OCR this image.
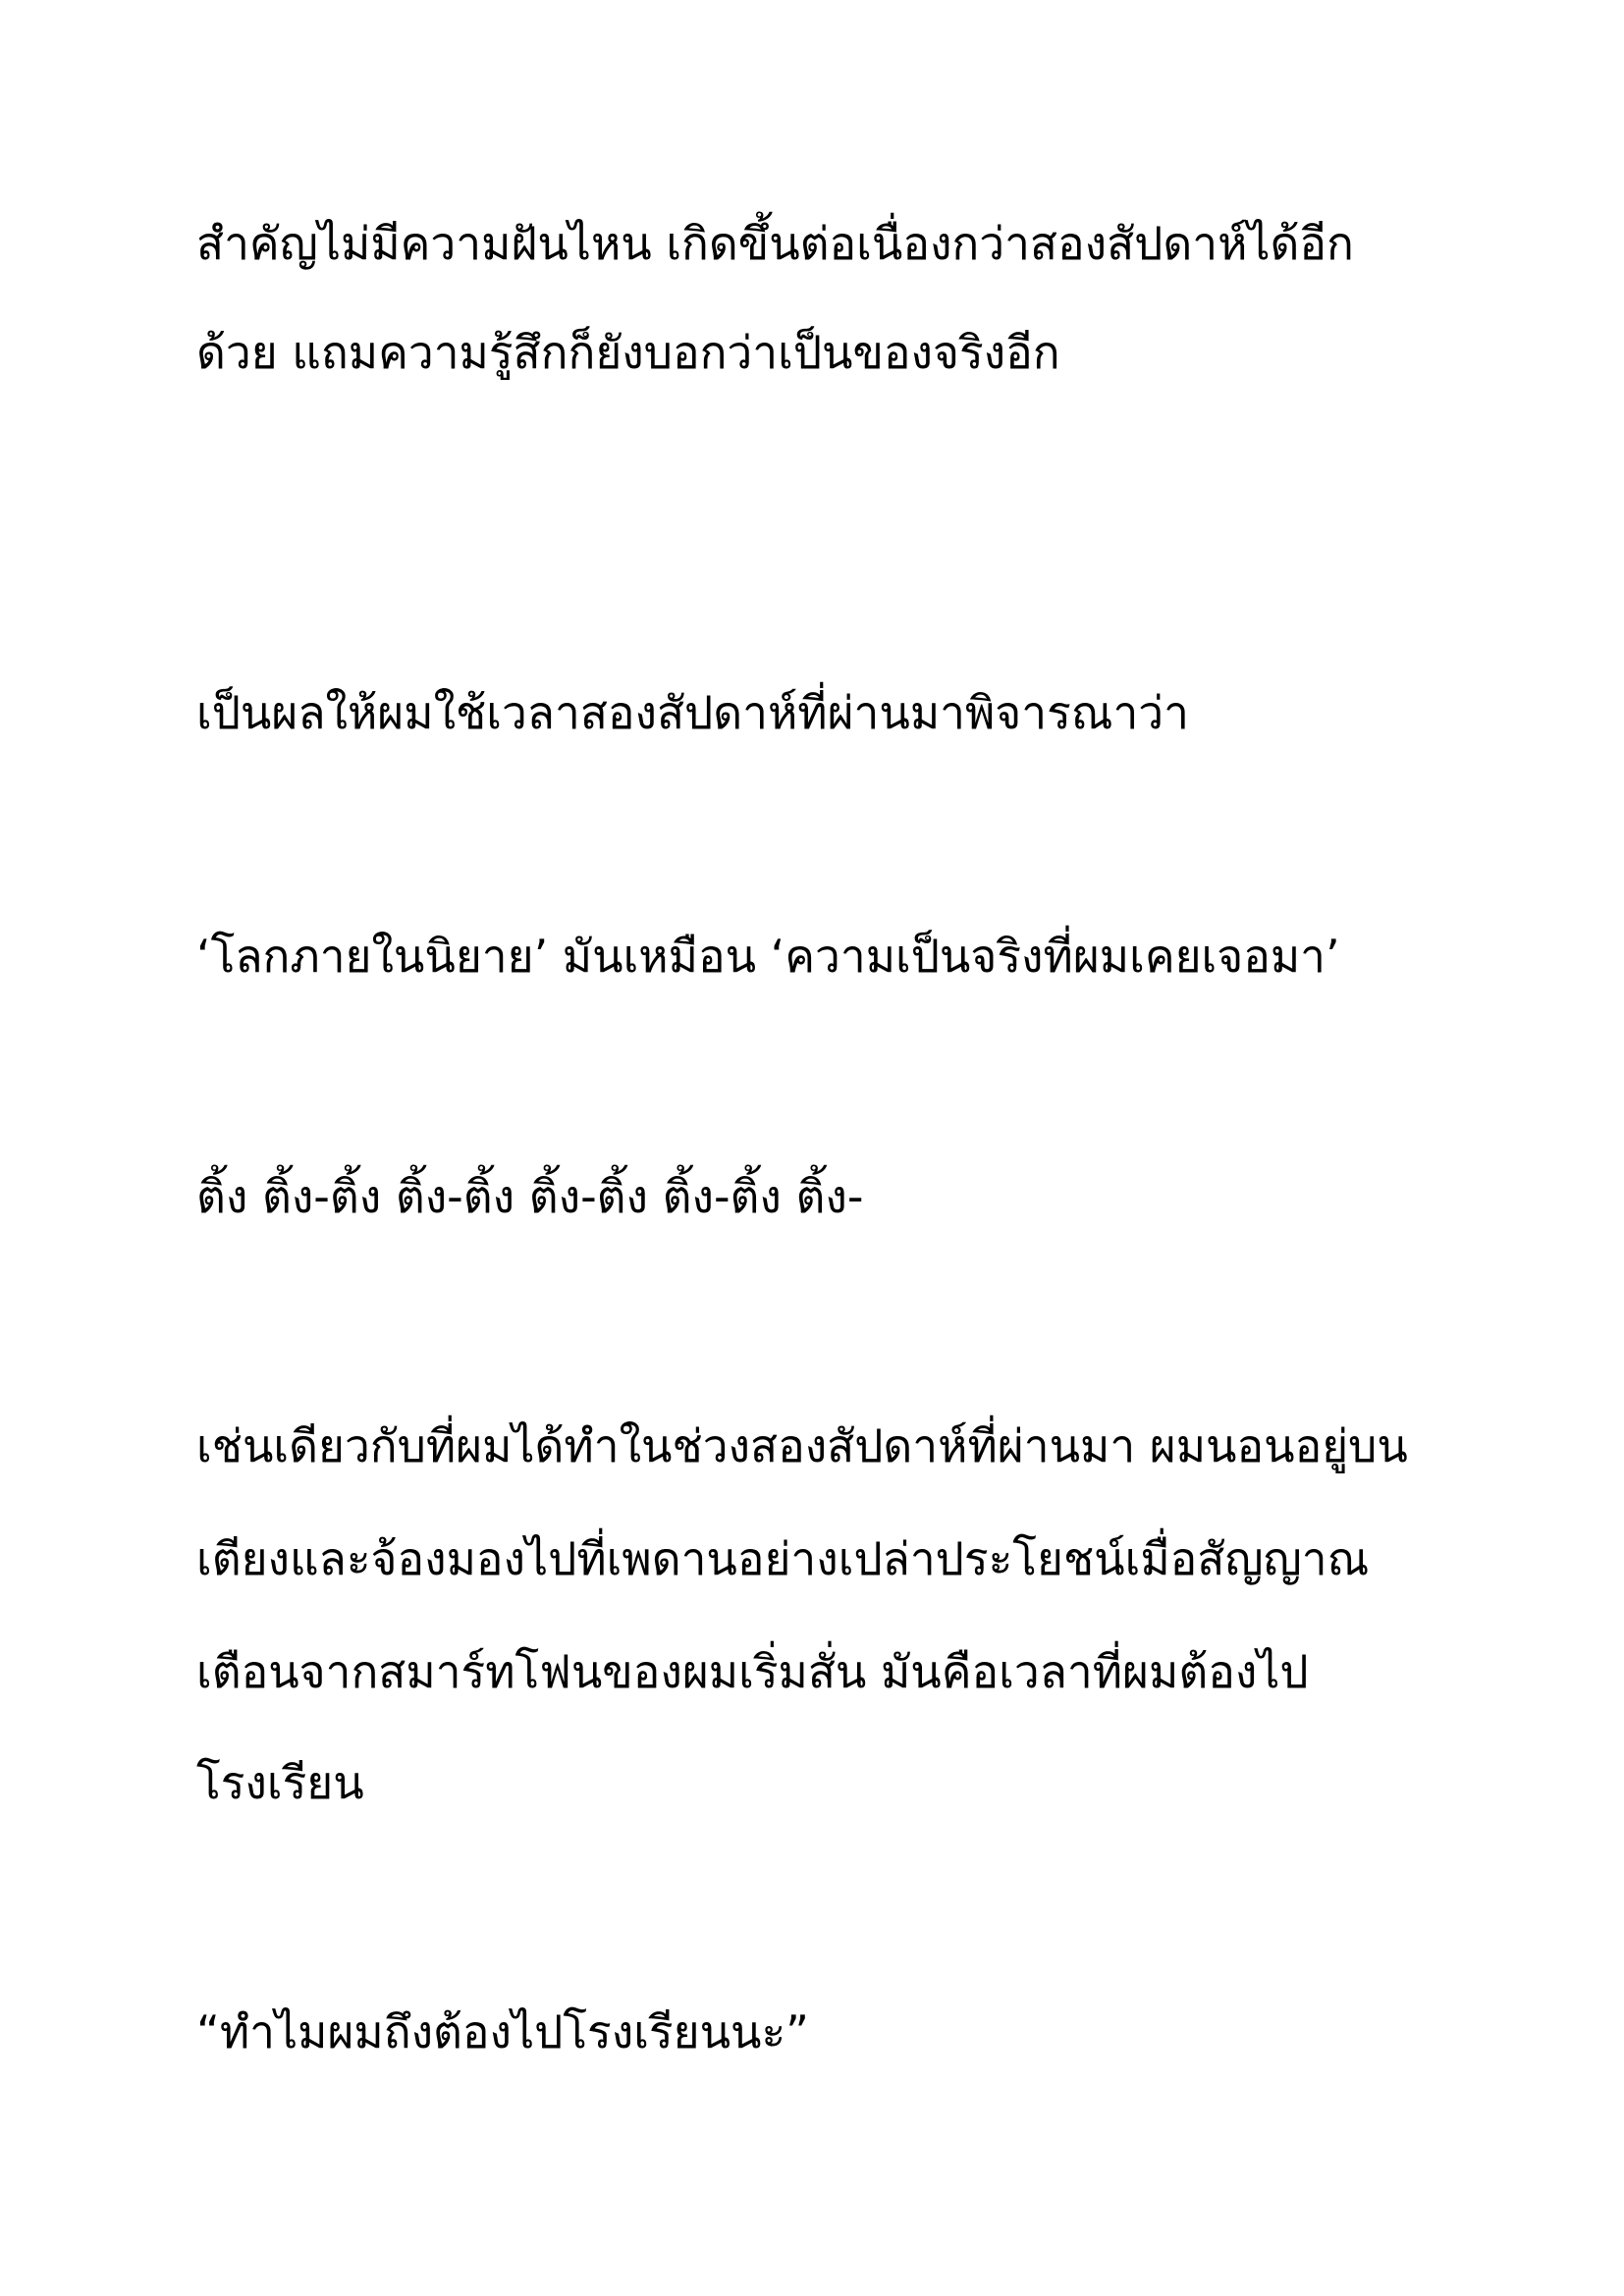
สำคัญไม่มีความฝันไหน เกิดขึ้นต่อเนื่องกว่าสองสัปดาห์ได้อีก

ด้วย แถมความรู้สึกก็ยังบอกว่าเป็นของจริงอีก

เป็นผลให้ผมใช้เวลาสองสัปดาห์ที่ผ่านมาพิจารณาว่า

‘โลกภายในนิยาย’ มันเหมือน ‘ความเป็นจริงที่ผมเคยเจอมา’

ติ้ง ติ้ง-ติ้ง ติ้ง-ติ้ง ติ้ง-ติ้ง ติ้ง-ติ้ง ติ้ง-

เช่นเดียวกับที่ผมได้ทำในช่วงสองสัปดาห์ที่ผ่านมา ผมนอนอยู่บน

เตียงและจ้องมองไปที่เพดานอย่างเปล่าประโยชน์เมื่อสัญญาณ

เตือนจากสมาร์ทโฟนของผมเริ่มสั่น มันคือเวลาที่ผมต้องไป

โรงเรียน

“ทำไมผมถึงต้องไปโรงเรียนนะ”
